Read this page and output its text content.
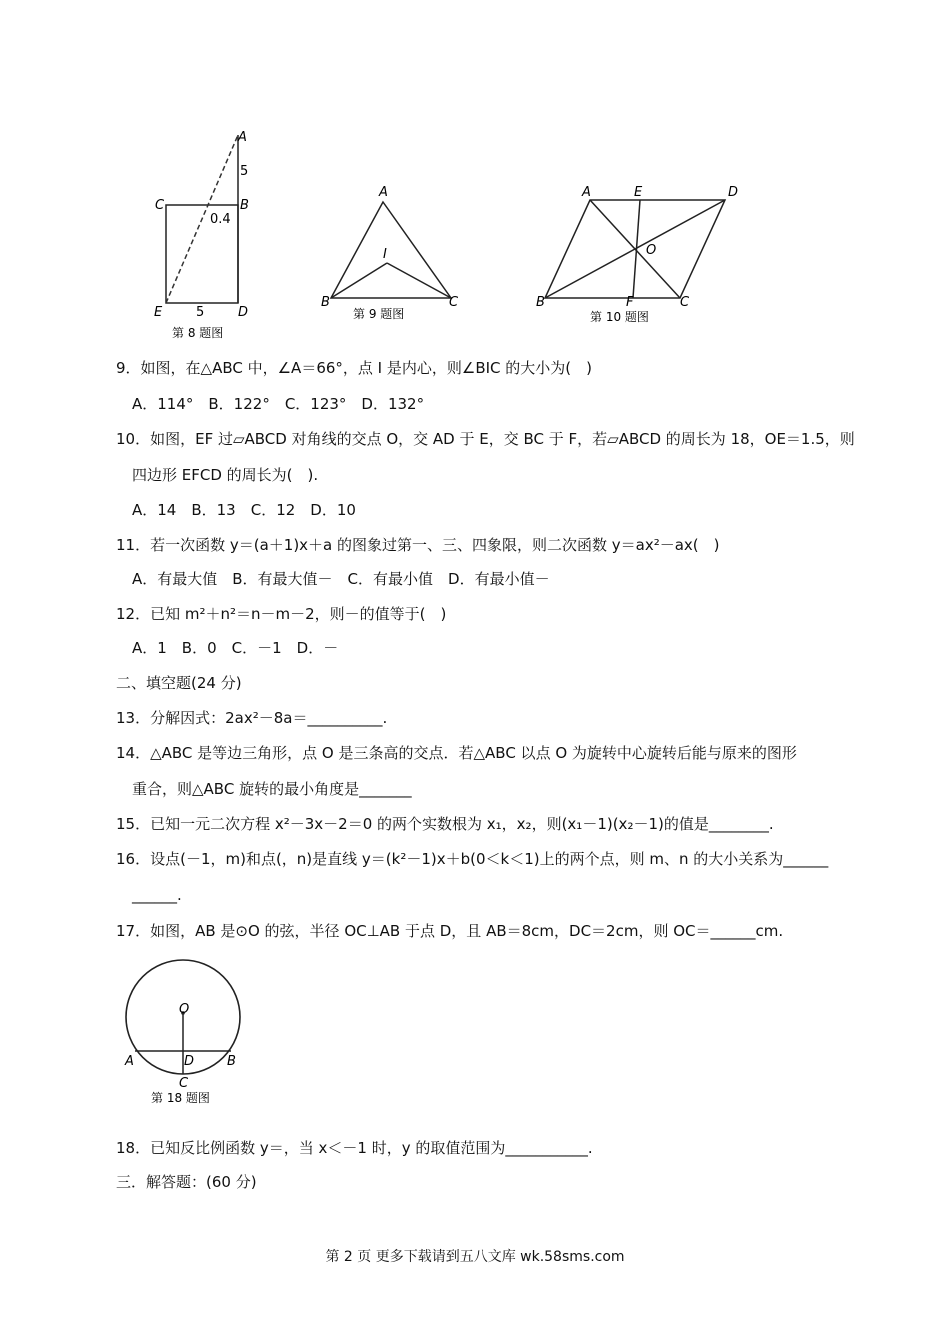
A
5
B
C
0.4
E	5	D
第 8 题图
A
I
B	C
第 9 题图
A	E	D
O
B	F	C
第 10 题图
9．如图，在△ABC 中，∠A＝66°，点 I 是内心，则∠BIC 的大小为(　)
A．114°　B．122°　C．123°　D．132°
10．如图，EF 过▱ABCD 对角线的交点 O，交 AD 于 E，交 BC 于 F，若▱ABCD 的周长为 18，OE＝1.5，则
四边形 EFCD 的周长为(　).
A．14　B．13　C．12　D．10
11．若一次函数 y＝(a＋1)x＋a 的图象过第一、三、四象限，则二次函数 y＝ax²－ax(　)
A．有最大值　B．有最大值－　C．有最小值　D．有最小值－
12．已知 m²＋n²＝n－m－2，则－的值等于(　)
A．1　B．0　C．－1　D．－
二、填空题(24 分)
13．分解因式：2ax²－8a＝__________.
14．△ABC 是等边三角形，点 O 是三条高的交点．若△ABC 以点 O 为旋转中心旋转后能与原来的图形
重合，则△ABC 旋转的最小角度是_______
15．已知一元二次方程 x²－3x－2＝0 的两个实数根为 x₁，x₂，则(x₁－1)(x₂－1)的值是________.
16．设点(－1，m)和点(，n)是直线 y＝(k²－1)x＋b(0＜k＜1)上的两个点，则 m、n 的大小关系为______
______.
17．如图，AB 是⊙O 的弦，半径 OC⊥AB 于点 D，且 AB＝8cm，DC＝2cm，则 OC＝______cm.
O
A	D	B
C
第 18 题图
18．已知反比例函数 y＝，当 x＜－1 时，y 的取值范围为___________.
三．解答题：(60 分)
第 2 页 更多下载请到五八文库 wk.58sms.com
